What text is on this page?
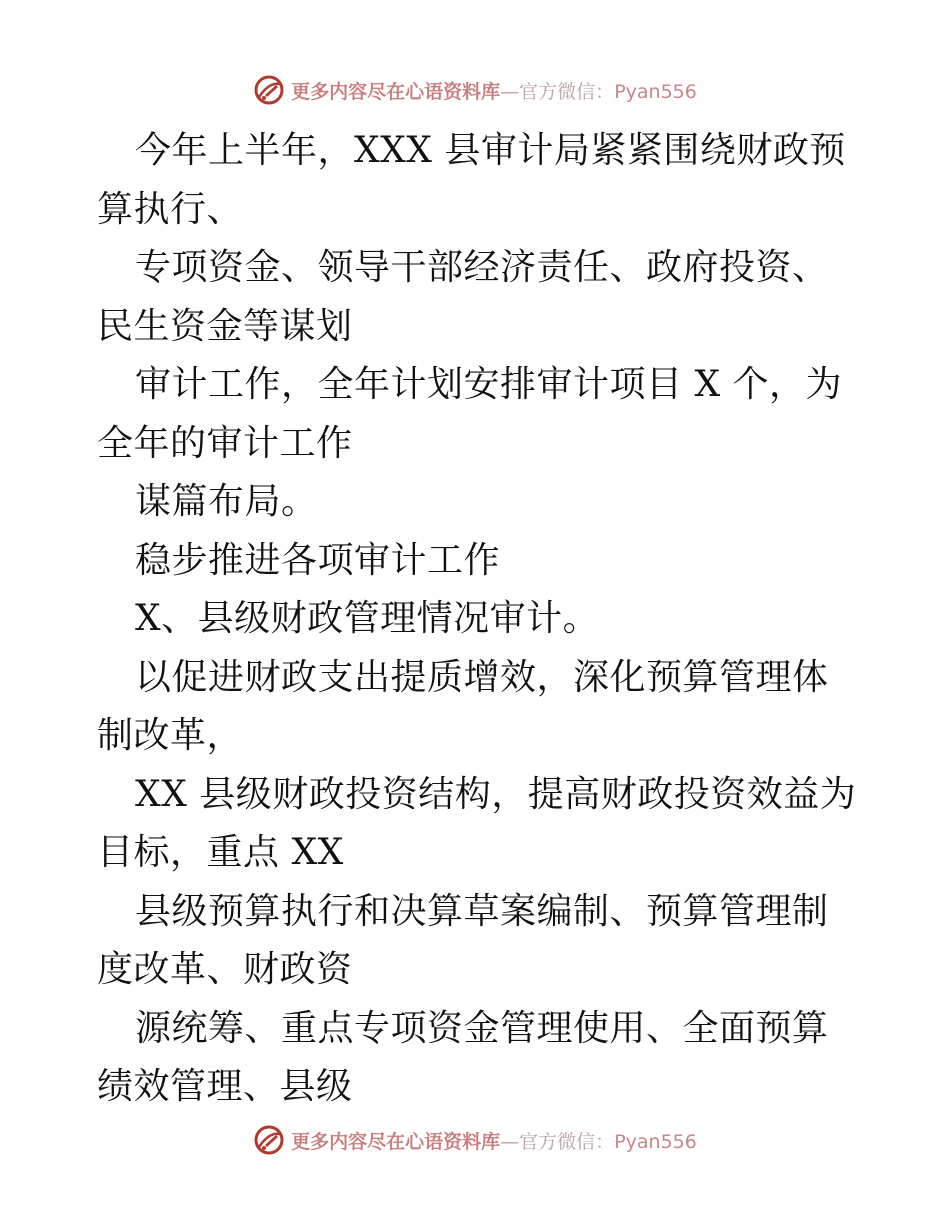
更多内容尽在心语资料库—官方微信：Pyan556

今年上半年，XXX 县审计局紧紧围绕财政预算执行、

专项资金、领导干部经济责任、政府投资、民生资金等谋划

审计工作，全年计划安排审计项目 X 个，为全年的审计工作

谋篇布局。

稳步推进各项审计工作

X、县级财政管理情况审计。

以促进财政支出提质增效，深化预算管理体制改革，

XX 县级财政投资结构，提高财政投资效益为目标，重点 XX

县级预算执行和决算草案编制、预算管理制度改革、财政资

源统筹、重点专项资金管理使用、全面预算绩效管理、县级

更多内容尽在心语资料库—官方微信：Pyan556
